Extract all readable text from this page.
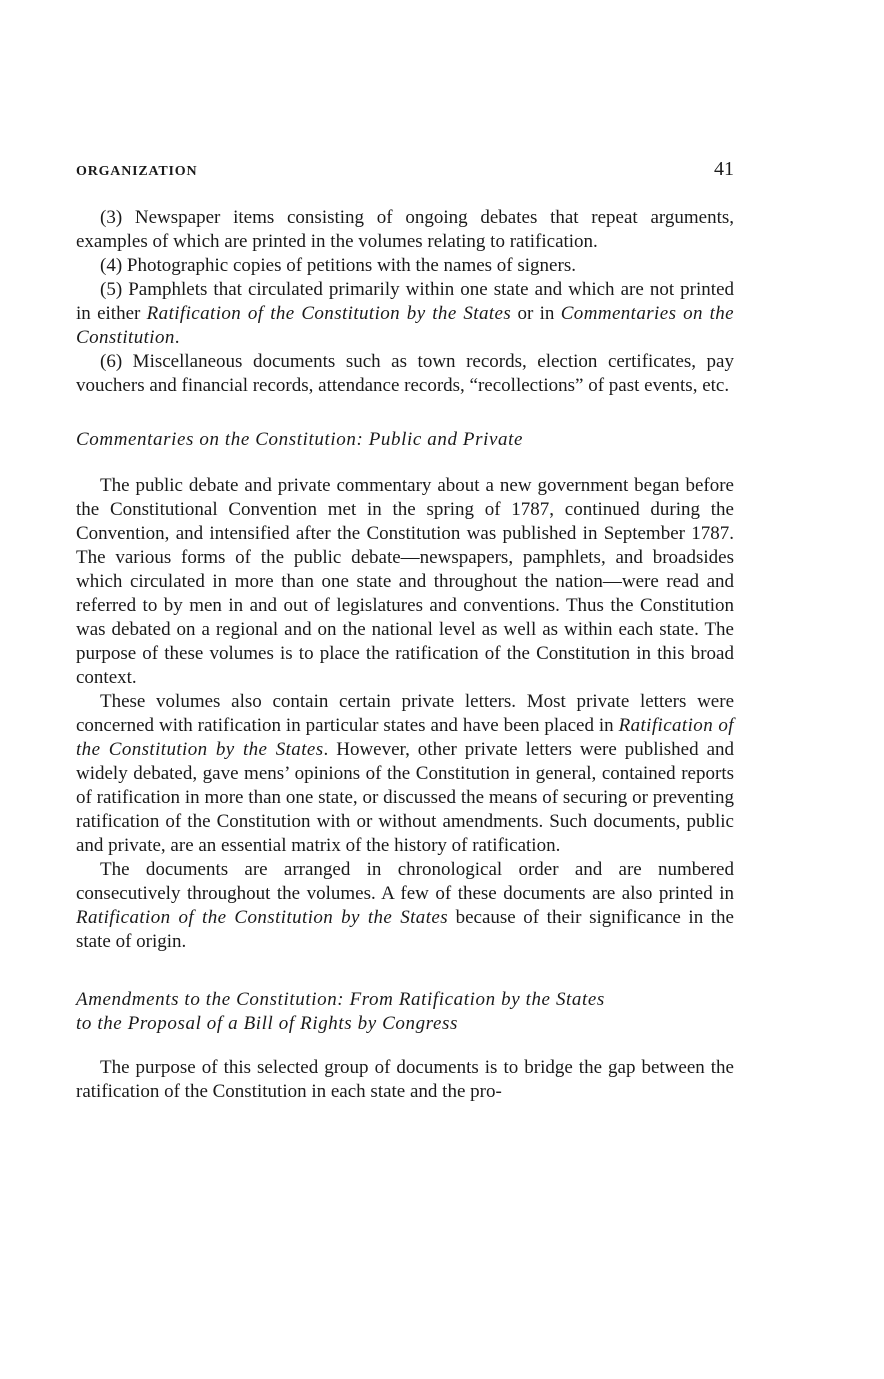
ORGANIZATION	41

(3) Newspaper items consisting of ongoing debates that repeat arguments, examples of which are printed in the volumes relating to ratification.

(4) Photographic copies of petitions with the names of signers.

(5) Pamphlets that circulated primarily within one state and which are not printed in either Ratification of the Constitution by the States or in Commentaries on the Constitution.

(6) Miscellaneous documents such as town records, election certificates, pay vouchers and financial records, attendance records, “recollections” of past events, etc.

Commentaries on the Constitution: Public and Private

The public debate and private commentary about a new government began before the Constitutional Convention met in the spring of 1787, continued during the Convention, and intensified after the Constitution was published in September 1787. The various forms of the public debate—newspapers, pamphlets, and broadsides which circulated in more than one state and throughout the nation—were read and referred to by men in and out of legislatures and conventions. Thus the Constitution was debated on a regional and on the national level as well as within each state. The purpose of these volumes is to place the ratification of the Constitution in this broad context.

These volumes also contain certain private letters. Most private letters were concerned with ratification in particular states and have been placed in Ratification of the Constitution by the States. However, other private letters were published and widely debated, gave mens’ opinions of the Constitution in general, contained reports of ratification in more than one state, or discussed the means of securing or preventing ratification of the Constitution with or without amendments. Such documents, public and private, are an essential matrix of the history of ratification.

The documents are arranged in chronological order and are numbered consecutively throughout the volumes. A few of these documents are also printed in Ratification of the Constitution by the States because of their significance in the state of origin.

Amendments to the Constitution: From Ratification by the States
to the Proposal of a Bill of Rights by Congress

The purpose of this selected group of documents is to bridge the gap between the ratification of the Constitution in each state and the pro-
